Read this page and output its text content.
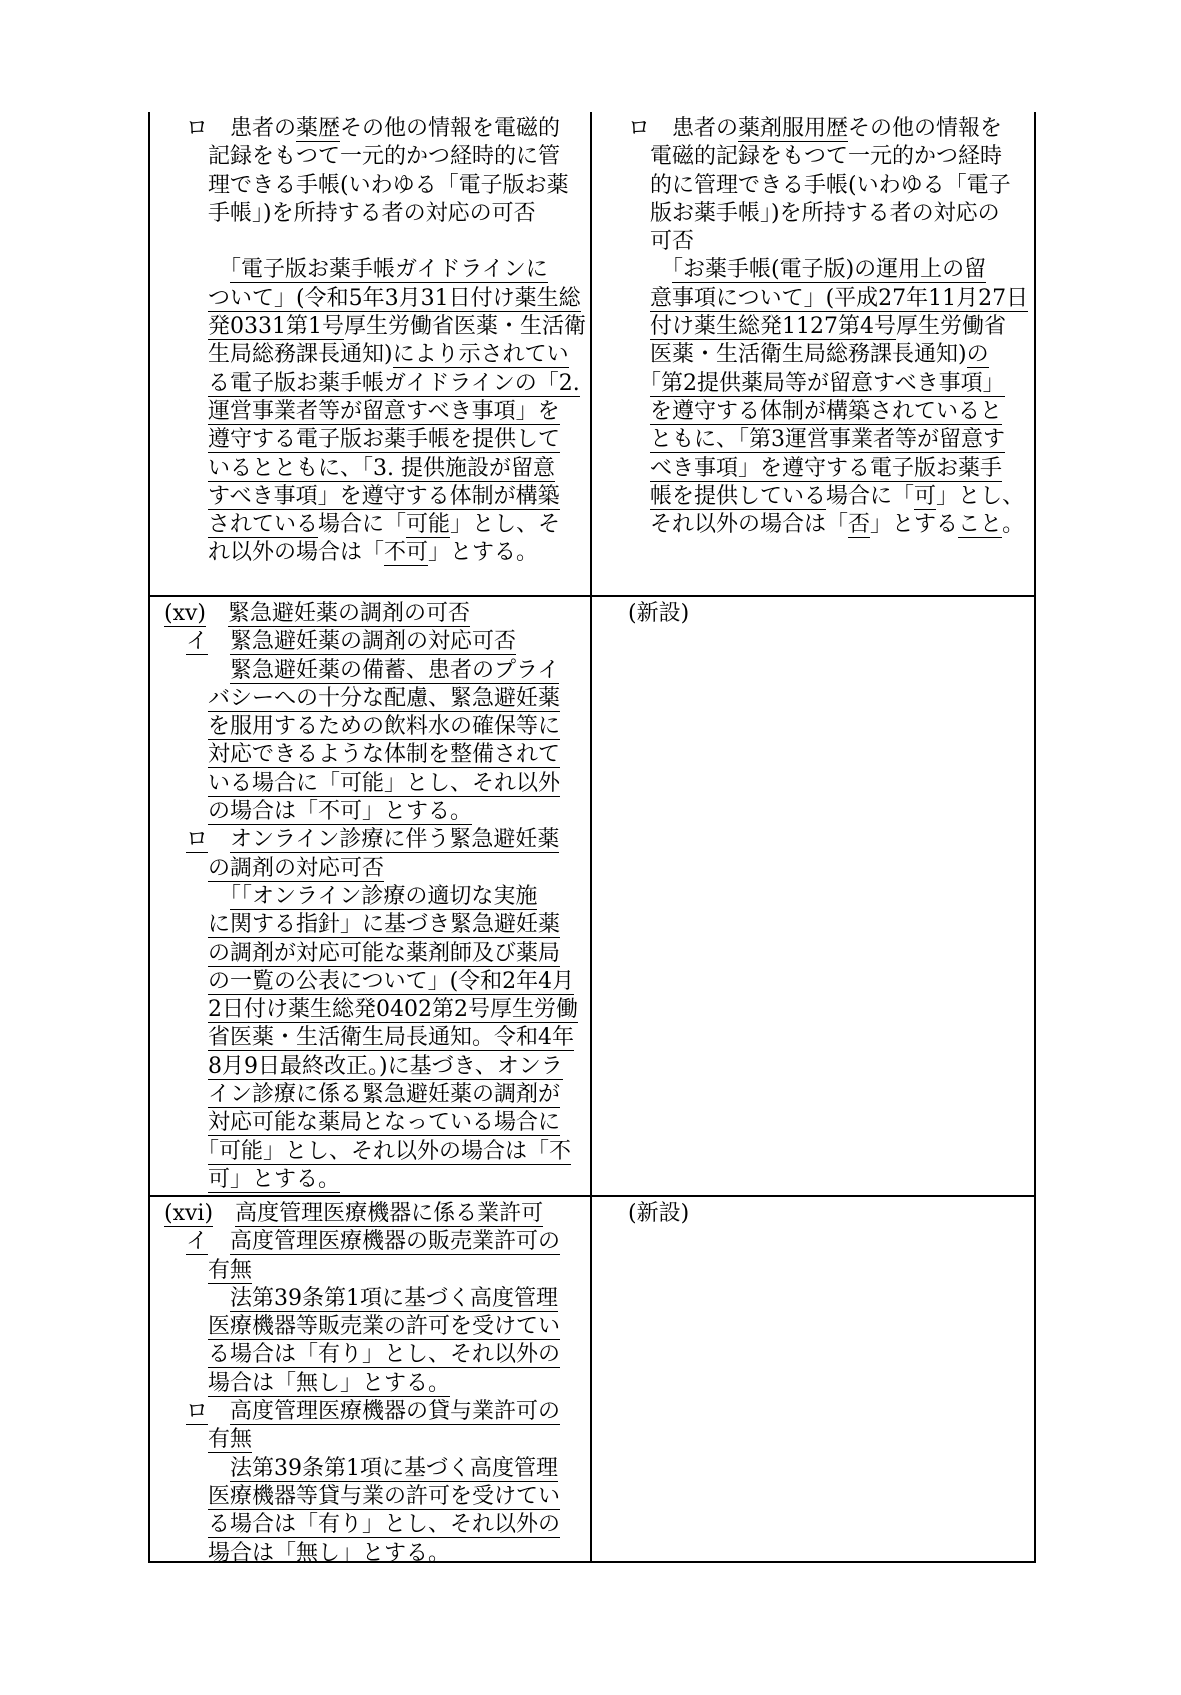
　ロ　患者の薬歴その他の情報を電磁的
　　記録をもつて一元的かつ経時的に管
　　理できる手帳(いわゆる「電子版お薬
　　手帳」)を所持する者の対応の可否

　　　「電子版お薬手帳ガイドラインに
　　ついて」(令和5年3月31日付け薬生総
　　発0331第1号厚生労働省医薬・生活衛
　　生局総務課長通知)により示されてい
　　る電子版お薬手帳ガイドラインの「2.
　　運営事業者等が留意すべき事項」を
　　遵守する電子版お薬手帳を提供して
　　いるとともに、「3. 提供施設が留意
　　すべき事項」を遵守する体制が構築
　　されている場合に「可能」とし、そ
　　れ以外の場合は「不可」とする。
　ロ　患者の薬剤服用歴その他の情報を
　　電磁的記録をもつて一元的かつ経時
　　的に管理できる手帳(いわゆる「電子
　　版お薬手帳」)を所持する者の対応の
　　可否
　　　「お薬手帳(電子版)の運用上の留
　　意事項について」(平成27年11月27日
　　付け薬生総発1127第4号厚生労働省
　　医薬・生活衛生局総務課長通知)の
　　「第2提供薬局等が留意すべき事項」
　　を遵守する体制が構築されていると
　　ともに、「第3運営事業者等が留意す
　　べき事項」を遵守する電子版お薬手
　　帳を提供している場合に「可」とし、
　　それ以外の場合は「否」とすること。
(xv)　 緊急避妊薬の調剤の可否
　イ　 緊急避妊薬の調剤の対応可否
　　　緊急避妊薬の備蓄、患者のプライ
　　バシーへの十分な配慮、緊急避妊薬
　　を服用するための飲料水の確保等に
　　対応できるような体制を整備されて
　　いる場合に「可能」とし、それ以外
　　の場合は「不可」とする。
　ロ　 オンライン診療に伴う緊急避妊薬
　　の調剤の対応可否
　　　「「オンライン診療の適切な実施
　　に関する指針」に基づき緊急避妊薬
　　の調剤が対応可能な薬剤師及び薬局
　　の一覧の公表について」(令和2年4月
　　2日付け薬生総発0402第2号厚生労働
　　省医薬・生活衛生局長通知。令和4年
　　8月9日最終改正。)に基づき、オンラ
　　イン診療に係る緊急避妊薬の調剤が
　　対応可能な薬局となっている場合に
　　「可能」とし、それ以外の場合は「不
　　可」とする。
　(新設)
(xvi)　 高度管理医療機器に係る業許可
　イ　 高度管理医療機器の販売業許可の
　　有無
　　　法第39条第1項に基づく高度管理
　　医療機器等販売業の許可を受けてい
　　る場合は「有り」とし、それ以外の
　　場合は「無し」とする。
　ロ　 高度管理医療機器の貸与業許可の
　　有無
　　　法第39条第1項に基づく高度管理
　　医療機器等貸与業の許可を受けてい
　　る場合は「有り」とし、それ以外の
　　場合は「無し」とする。
　(新設)
